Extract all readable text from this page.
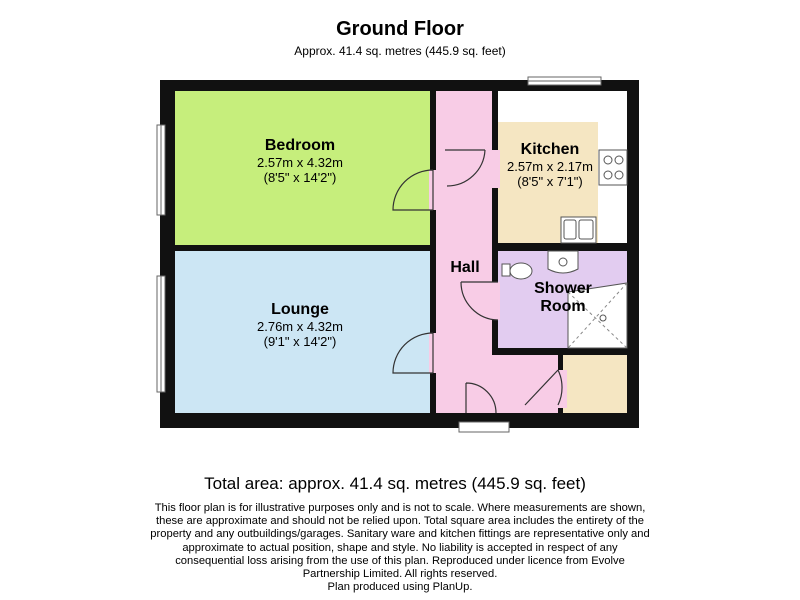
Ground Floor
Approx. 41.4 sq. metres (445.9 sq. feet)
Bedroom
2.57m x 4.32m
(8'5" x 14'2")
Lounge
2.76m x 4.32m
(9'1" x 14'2")
Kitchen
2.57m x 2.17m
(8'5" x 7'1")
Hall
Shower
Room
Total area: approx. 41.4 sq. metres (445.9 sq. feet)
This floor plan is for illustrative purposes only and is not to scale. Where measurements are shown,
these are approximate and should not be relied upon. Total square area includes the entirety of the
property and any outbuildings/garages. Sanitary ware and kitchen fittings are representative only and
approximate to actual position, shape and style. No liability is accepted in respect of any
consequential loss arising from the use of this plan. Reproduced under licence from Evolve
Partnership Limited. All rights reserved.
Plan produced using PlanUp.
